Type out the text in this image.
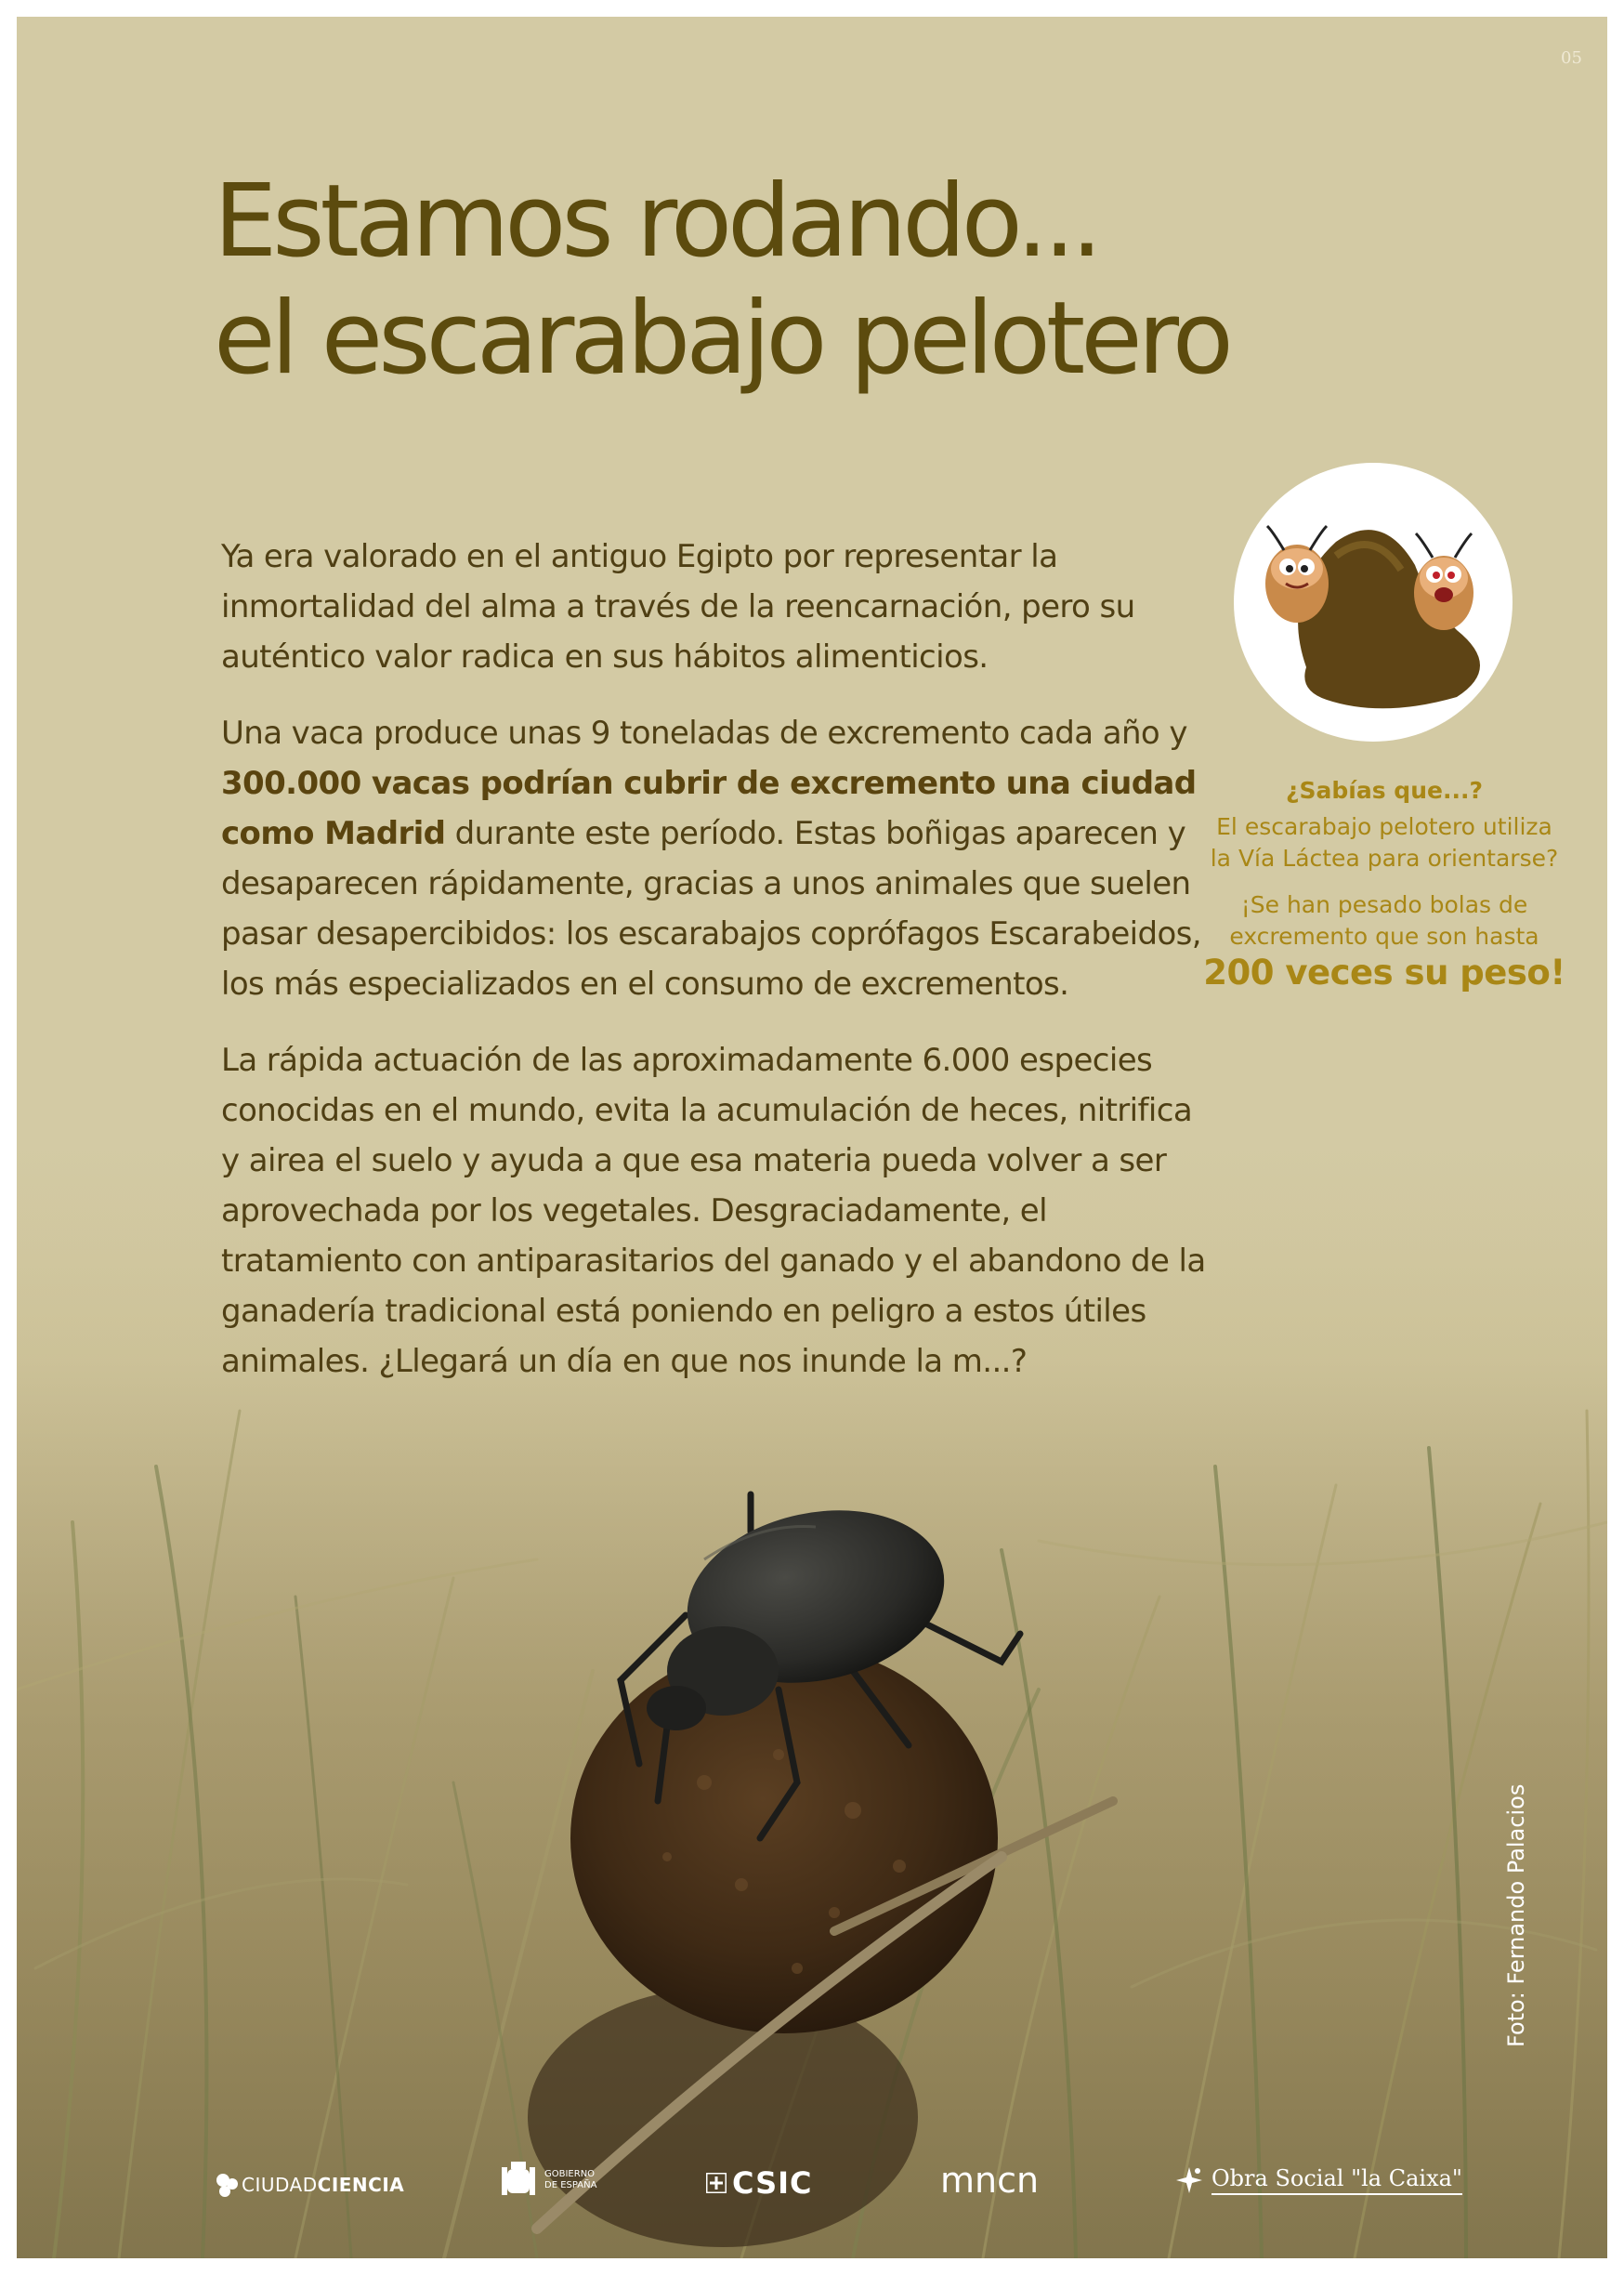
05
Estamos rodando...
el escarabajo pelotero

Ya era valorado en el antiguo Egipto por representar la inmortalidad del alma a través de la reencarnación, pero su auténtico valor radica en sus hábitos alimenticios.

Una vaca produce unas 9 toneladas de excremento cada año y 300.000 vacas podrían cubrir de excremento una ciudad como Madrid durante este período. Estas boñigas aparecen y desaparecen rápidamente, gracias a unos animales que suelen pasar desapercibidos: los escarabajos coprófagos Escarabeidos, los más especializados en el consumo de excrementos.

La rápida actuación de las aproximadamente 6.000 especies conocidas en el mundo, evita la acumulación de heces, nitrifica y airea el suelo y ayuda a que esa materia pueda volver a ser aprovechada por los vegetales. Desgraciadamente, el tratamiento con antiparasitarios del ganado y el abandono de la ganadería tradicional está poniendo en peligro a estos útiles animales. ¿Llegará un día en que nos inunde la m...?

¿Sabías que...?
El escarabajo pelotero utiliza
la Vía Láctea para orientarse?
¡Se han pesado bolas de
excremento que son hasta
200 veces su peso!
CIUDAD CIENCIA	GOBIERNO
DE ESPAÑA	CSIC	mncn	Obra Social "la Caixa"
